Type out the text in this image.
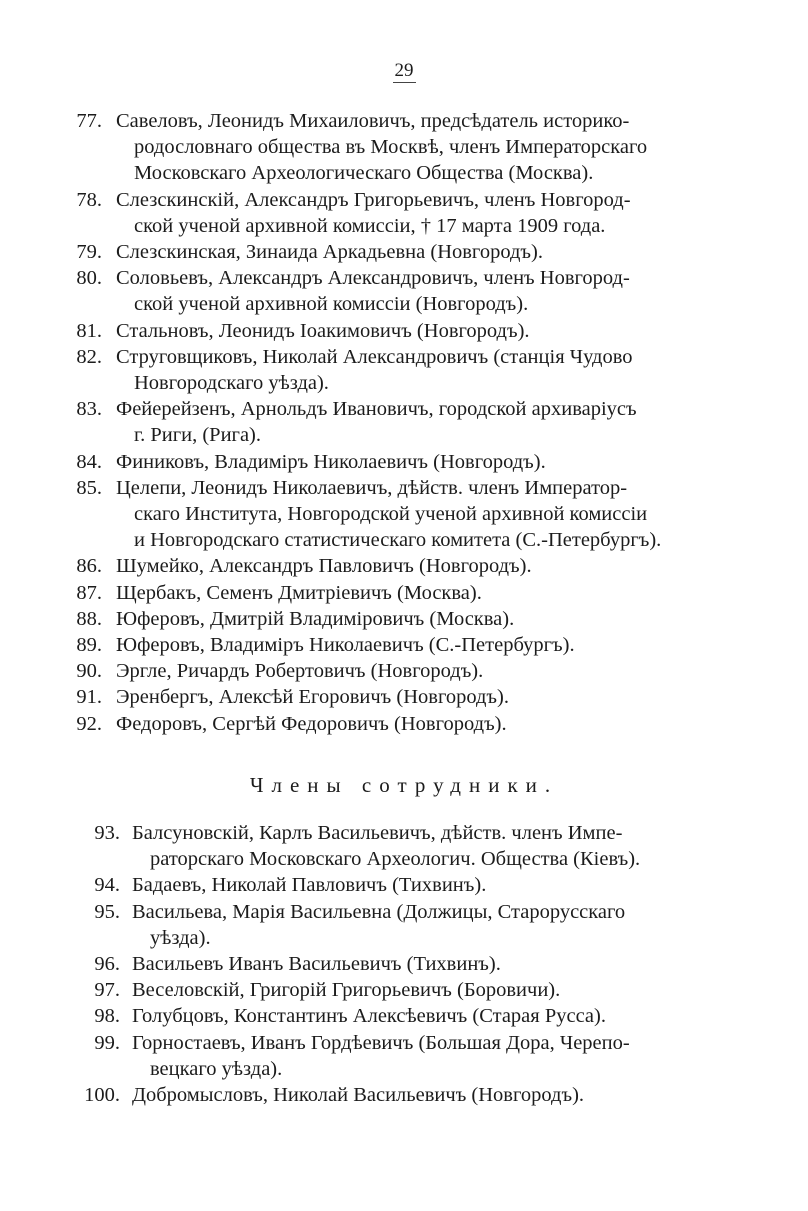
29
77. Савеловъ, Леонидъ Михаиловичъ, предсѣдатель историко-
родословнаго общества въ Москвѣ, членъ Императорскаго
Московскаго Археологическаго Общества (Москва).
78. Слезскинскій, Александръ Григорьевичъ, членъ Новгород-
ской ученой архивной комиссіи, † 17 марта 1909 года.
79. Слезскинская, Зинаида Аркадьевна (Новгородъ).
80. Соловьевъ, Александръ Александровичъ, членъ Новгород-
ской ученой архивной комиссіи (Новгородъ).
81. Стальновъ, Леонидъ Іоакимовичъ (Новгородъ).
82. Струговщиковъ, Николай Александровичъ (станція Чудово
Новгородскаго уѣзда).
83. Фейерейзенъ, Арнольдъ Ивановичъ, городской архиваріусъ
г. Риги, (Рига).
84. Финиковъ, Владиміръ Николаевичъ (Новгородъ).
85. Целепи, Леонидъ Николаевичъ, дѣйств. членъ Император-
скаго Института, Новгородской ученой архивной комиссіи
и Новгородскаго статистическаго комитета (С.-Петербургъ).
86. Шумейко, Александръ Павловичъ (Новгородъ).
87. Щербакъ, Семенъ Дмитріевичъ (Москва).
88. Юферовъ, Дмитрій Владиміровичъ (Москва).
89. Юферовъ, Владиміръ Николаевичъ (С.-Петербургъ).
90. Эргле, Ричардъ Робертовичъ (Новгородъ).
91. Эренбергъ, Алексѣй Егоровичъ (Новгородъ).
92. Федоровъ, Сергѣй Федоровичъ (Новгородъ).
Члены сотрудники.
93. Балсуновскій, Карлъ Васильевичъ, дѣйств. членъ Импе-
раторскаго Московскаго Археологич. Общества (Кіевъ).
94. Бадаевъ, Николай Павловичъ (Тихвинъ).
95. Васильева, Марія Васильевна (Должицы, Старорусскаго
уѣзда).
96. Васильевъ Иванъ Васильевичъ (Тихвинъ).
97. Веселовскій, Григорій Григорьевичъ (Боровичи).
98. Голубцовъ, Константинъ Алексѣевичъ (Старая Русса).
99. Горностаевъ, Иванъ Гордѣевичъ (Большая Дора, Черепо-
вецкаго уѣзда).
100. Добромысловъ, Николай Васильевичъ (Новгородъ).
